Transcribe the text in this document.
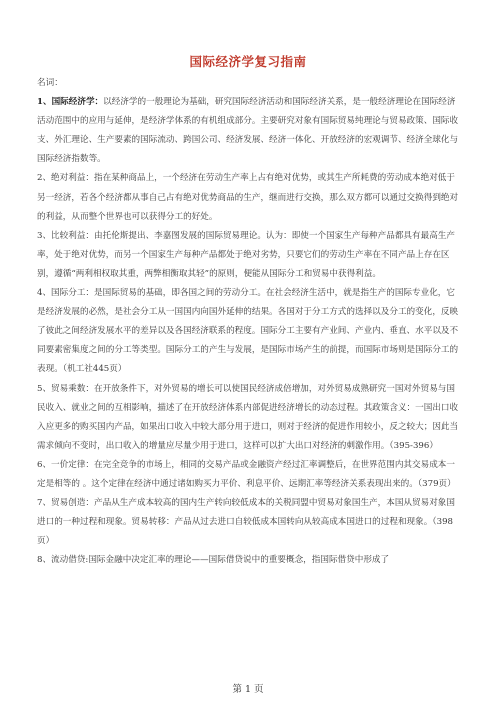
国际经济学复习指南

名词：

1、国际经济学：以经济学的一般理论为基础，研究国际经济活动和国际经济关系，是一般经济理论在国际经济活动范围中的应用与延伸，是经济学体系的有机组成部分。主要研究对象有国际贸易纯理论与贸易政策、国际收支、外汇理论、生产要素的国际流动、跨国公司、经济发展、经济一体化、开放经济的宏观调节、经济全球化与国际经济指数等。

2、绝对利益：指在某种商品上，一个经济在劳动生产率上占有绝对优势，或其生产所耗费的劳动成本绝对低于另一经济，若各个经济都从事自己占有绝对优势商品的生产，继而进行交换，那么双方都可以通过交换得到绝对的利益，从而整个世界也可以获得分工的好处。

3、比较利益：由托伦斯提出、李嘉图发展的国际贸易理论。认为：即使一个国家生产每种产品都具有最高生产率，处于绝对优势，而另一个国家生产每种产品都处于绝对劣势，只要它们的劳动生产率在不同产品上存在区别，遵循“两利相权取其重，两弊相衡取其轻”的原则，便能从国际分工和贸易中获得利益。

4、国际分工：是国际贸易的基础，即各国之间的劳动分工。在社会经济生活中，就是指生产的国际专业化，它是经济发展的必然，是社会分工从一国国内向国外延伸的结果。各国对于分工方式的选择以及分工的变化，反映了彼此之间经济发展水平的差异以及各国经济联系的程度。国际分工主要有产业间、产业内、垂直、水平以及不同要素密集度之间的分工等类型。国际分工的产生与发展，是国际市场产生的前提，而国际市场则是国际分工的表现。（机工社445页）

5、贸易乘数：在开放条件下，对外贸易的增长可以使国民经济成倍增加，对外贸易成熟研究一国对外贸易与国民收入、就业之间的互相影响，描述了在开放经济体系内部促进经济增长的动态过程。其政策含义：一国出口收入应更多的购买国内产品，如果出口收入中较大部分用于进口，则对于经济的促进作用较小，反之较大；因此当需求倾向不变时，出口收入的增量应尽量少用于进口，这样可以扩大出口对经济的刺激作用。（395-396）

6、一价定律：在完全竞争的市场上，相同的交易产品或金融资产经过汇率调整后，在世界范围内其交易成本一定是相等的 。这个定律在经济中通过诸如购买力平价、利息平价、远期汇率等经济关系表现出来的。（379页）

7、贸易创造：产品从生产成本较高的国内生产转向较低成本的关税同盟中贸易对象国生产，本国从贸易对象国进口的一种过程和现象。贸易转移：产品从过去进口自较低成本国转向从较高成本国进口的过程和现象。（398页）

8、流动借贷:国际金融中决定汇率的理论——国际借贷说中的重要概念，指国际借贷中形成了

第 1 页
